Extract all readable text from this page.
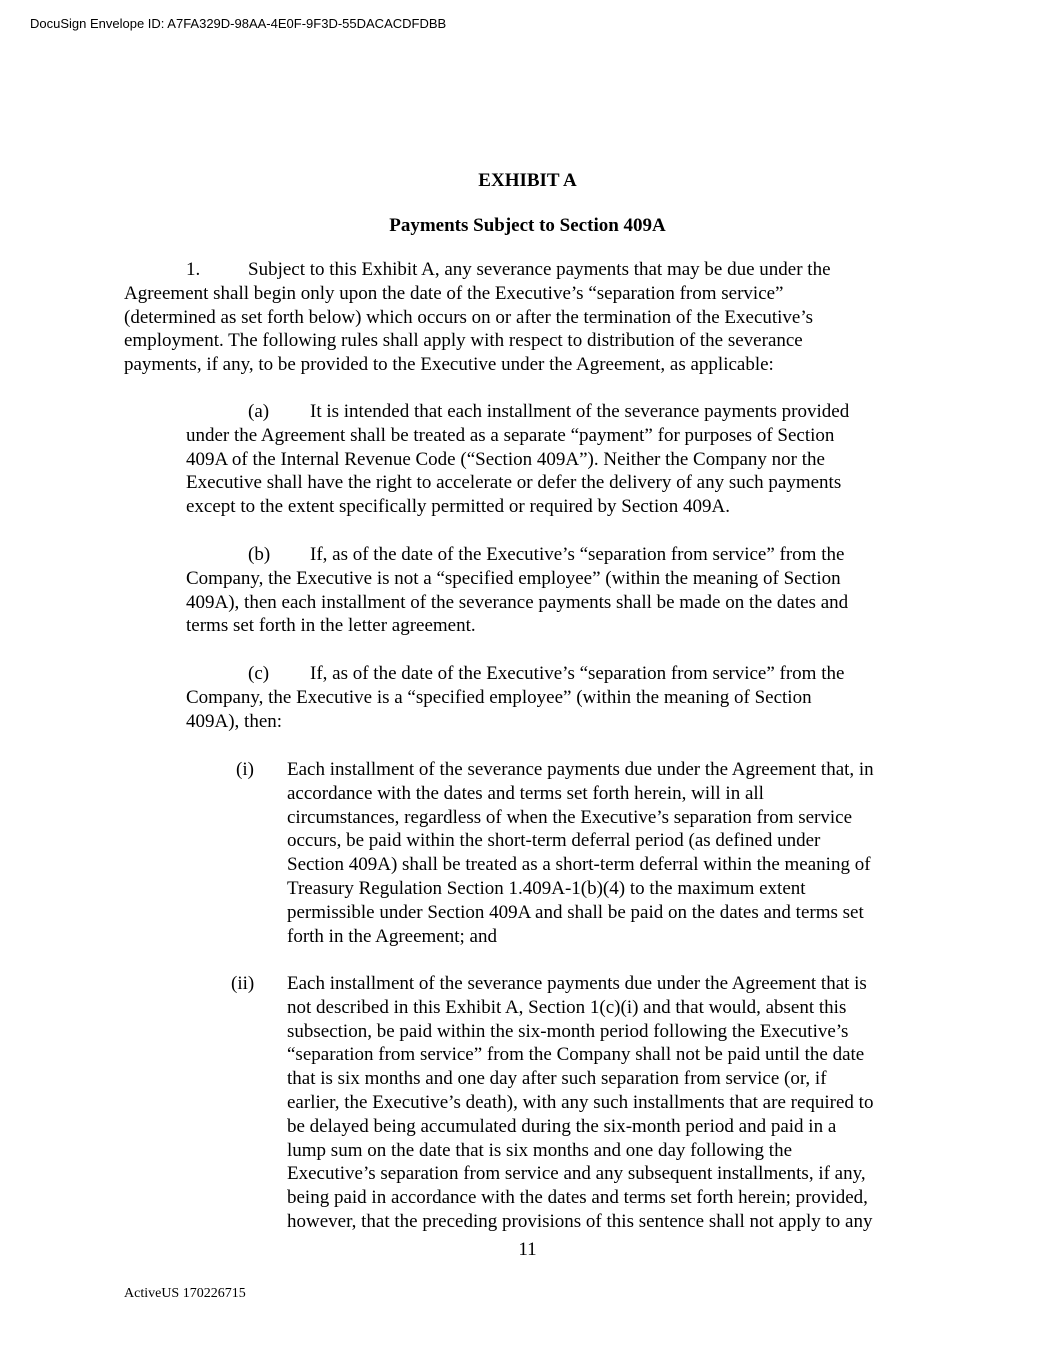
DocuSign Envelope ID: A7FA329D-98AA-4E0F-9F3D-55DACACDFDBB
EXHIBIT A
Payments Subject to Section 409A
1.	Subject to this Exhibit A, any severance payments that may be due under the
Agreement shall begin only upon the date of the Executive’s “separation from service”
(determined as set forth below) which occurs on or after the termination of the Executive’s
employment. The following rules shall apply with respect to distribution of the severance
payments, if any, to be provided to the Executive under the Agreement, as applicable:
(a) It is intended that each installment of the severance payments provided
under the Agreement shall be treated as a separate “payment” for purposes of Section
409A of the Internal Revenue Code (“Section 409A”). Neither the Company nor the
Executive shall have the right to accelerate or defer the delivery of any such payments
except to the extent specifically permitted or required by Section 409A.
(b) If, as of the date of the Executive’s “separation from service” from the
Company, the Executive is not a “specified employee” (within the meaning of Section
409A), then each installment of the severance payments shall be made on the dates and
terms set forth in the letter agreement.
(c) If, as of the date of the Executive’s “separation from service” from the
Company, the Executive is a “specified employee” (within the meaning of Section
409A), then:
(i) Each installment of the severance payments due under the Agreement that, in
accordance with the dates and terms set forth herein, will in all
circumstances, regardless of when the Executive’s separation from service
occurs, be paid within the short-term deferral period (as defined under
Section 409A) shall be treated as a short-term deferral within the meaning of
Treasury Regulation Section 1.409A-1(b)(4) to the maximum extent
permissible under Section 409A and shall be paid on the dates and terms set
forth in the Agreement; and
(ii) Each installment of the severance payments due under the Agreement that is
not described in this Exhibit A, Section 1(c)(i) and that would, absent this
subsection, be paid within the six-month period following the Executive’s
“separation from service” from the Company shall not be paid until the date
that is six months and one day after such separation from service (or, if
earlier, the Executive’s death), with any such installments that are required to
be delayed being accumulated during the six-month period and paid in a
lump sum on the date that is six months and one day following the
Executive’s separation from service and any subsequent installments, if any,
being paid in accordance with the dates and terms set forth herein; provided,
however, that the preceding provisions of this sentence shall not apply to any
11
ActiveUS 170226715
